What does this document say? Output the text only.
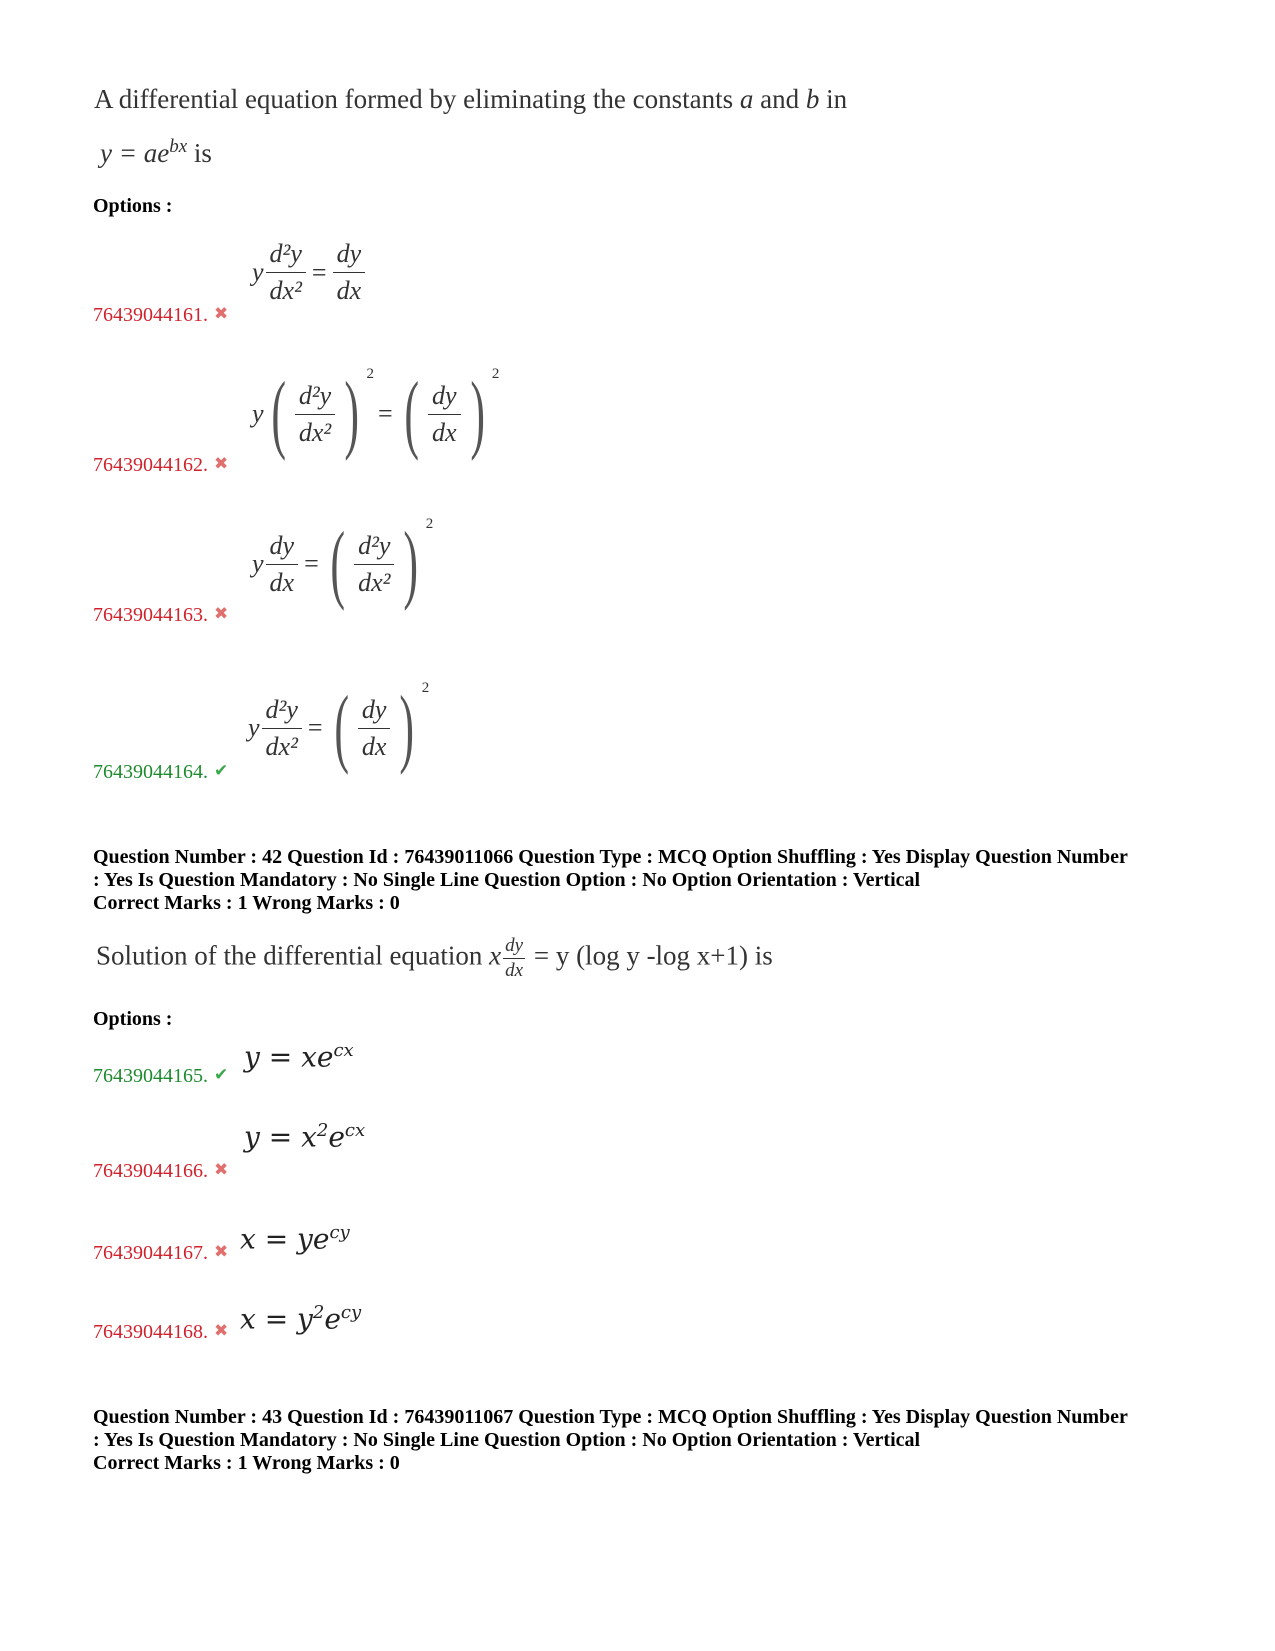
A differential equation formed by eliminating the constants a and b in
$y = ae^{bx}$ is
Options :
y $\frac{\text{d²y}}{\text{dx²}} = \frac{dy}{dx}$
76439044161. ✖
$y( \frac{\text{d²y}}{\text{dx²}}$ ) $^2$= ( $\frac{dy}{dx}$ ) $^2$
76439044162. ✖
y $\frac{dy}{dx}$ = ( $\frac{\text{d²y}}{\text{dx²}}$ ) $^2$
76439044163. ✖
y $\frac{\text{d²y}}{\text{dx²}}$ = ( $\frac{dy}{dx}$ ) $^2$
76439044164. ✔
Question Number : 42 Question Id : 76439011066 Question Type : MCQ Option Shuffling : Yes Display Question Number
: Yes Is Question Mandatory : No Single Line Question Option : No Option Orientation : Vertical
Correct Marks : 1 Wrong Marks : 0
Solution of the differential equation x $\frac{dy}{dx} = y$ (log y -log x+1) is
Options :
$y = xe^{cx}$
76439044165. ✔
$y = x^2e^{cx}$
76439044166. ✖
$x = ye^{cy}$
76439044167. ✖
$x = y^2e^{cy}$
76439044168. ✖
Question Number : 43 Question Id : 76439011067 Question Type : MCQ Option Shuffling : Yes Display Question Number
: Yes Is Question Mandatory : No Single Line Question Option : No Option Orientation : Vertical
Correct Marks : 1 Wrong Marks : 0
